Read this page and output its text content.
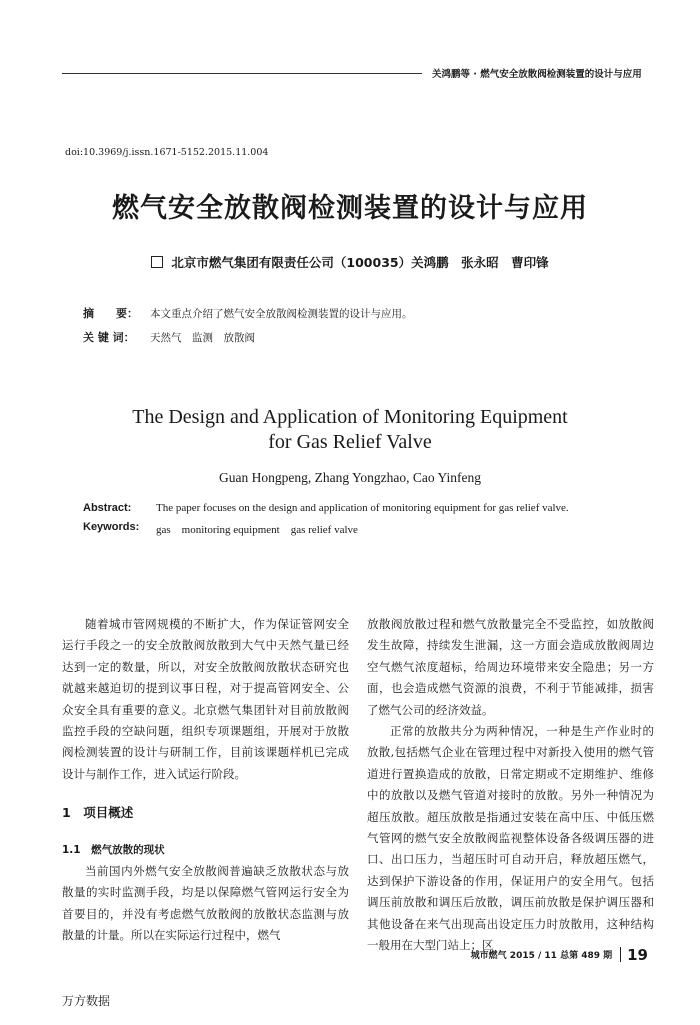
关鸿鹏等 · 燃气安全放散阀检测装置的设计与应用
doi:10.3969/j.issn.1671-5152.2015.11.004
燃气安全放散阀检测装置的设计与应用
北京市燃气集团有限责任公司（100035）关鸿鹏　张永昭　曹印锋
摘　　要： 本文重点介绍了燃气安全放散阀检测装置的设计与应用。
关 键 词： 天然气　监测　放散阀
The Design and Application of Monitoring Equipment
for Gas Relief Valve
Guan Hongpeng, Zhang Yongzhao, Cao Yinfeng
Abstract: The paper focuses on the design and application of monitoring equipment for gas relief valve.
Keywords: gas　monitoring equipment　gas relief valve

随着城市管网规模的不断扩大，作为保证管网安全运行手段之一的安全放散阀放散到大气中天然气量已经达到一定的数量，所以，对安全放散阀放散状态研究也就越来越迫切的提到议事日程，对于提高管网安全、公众安全具有重要的意义。北京燃气集团针对目前放散阀监控手段的空缺问题，组织专项课题组，开展对于放散阀检测装置的设计与研制工作，目前该课题样机已完成设计与制作工作，进入试运行阶段。

1　项目概述

1.1　燃气放散的现状

当前国内外燃气安全放散阀普遍缺乏放散状态与放散量的实时监测手段，均是以保障燃气管网运行安全为首要目的，并没有考虑燃气放散阀的放散状态监测与放散量的计量。所以在实际运行过程中，燃气

放散阀放散过程和燃气放散量完全不受监控，如放散阀发生故障，持续发生泄漏，这一方面会造成放散阀周边空气燃气浓度超标，给周边环境带来安全隐患；另一方面，也会造成燃气资源的浪费，不利于节能减排，损害了燃气公司的经济效益。

正常的放散共分为两种情况，一种是生产作业时的放散,包括燃气企业在管理过程中对新投入使用的燃气管道进行置换造成的放散，日常定期或不定期维护、维修中的放散以及燃气管道对接时的放散。另外一种情况为超压放散。超压放散是指通过安装在高中压、中低压燃气管网的燃气安全放散阀监视整体设备各级调压器的进口、出口压力，当超压时可自动开启，释放超压燃气，达到保护下游设备的作用，保证用户的安全用气。包括调压前放散和调压后放散，调压前放散是保护调压器和其他设备在来气出现高出设定压力时放散用，这种结构一般用在大型门站上；区

城市燃气 2015 / 11 总第 489 期 19
万方数据
